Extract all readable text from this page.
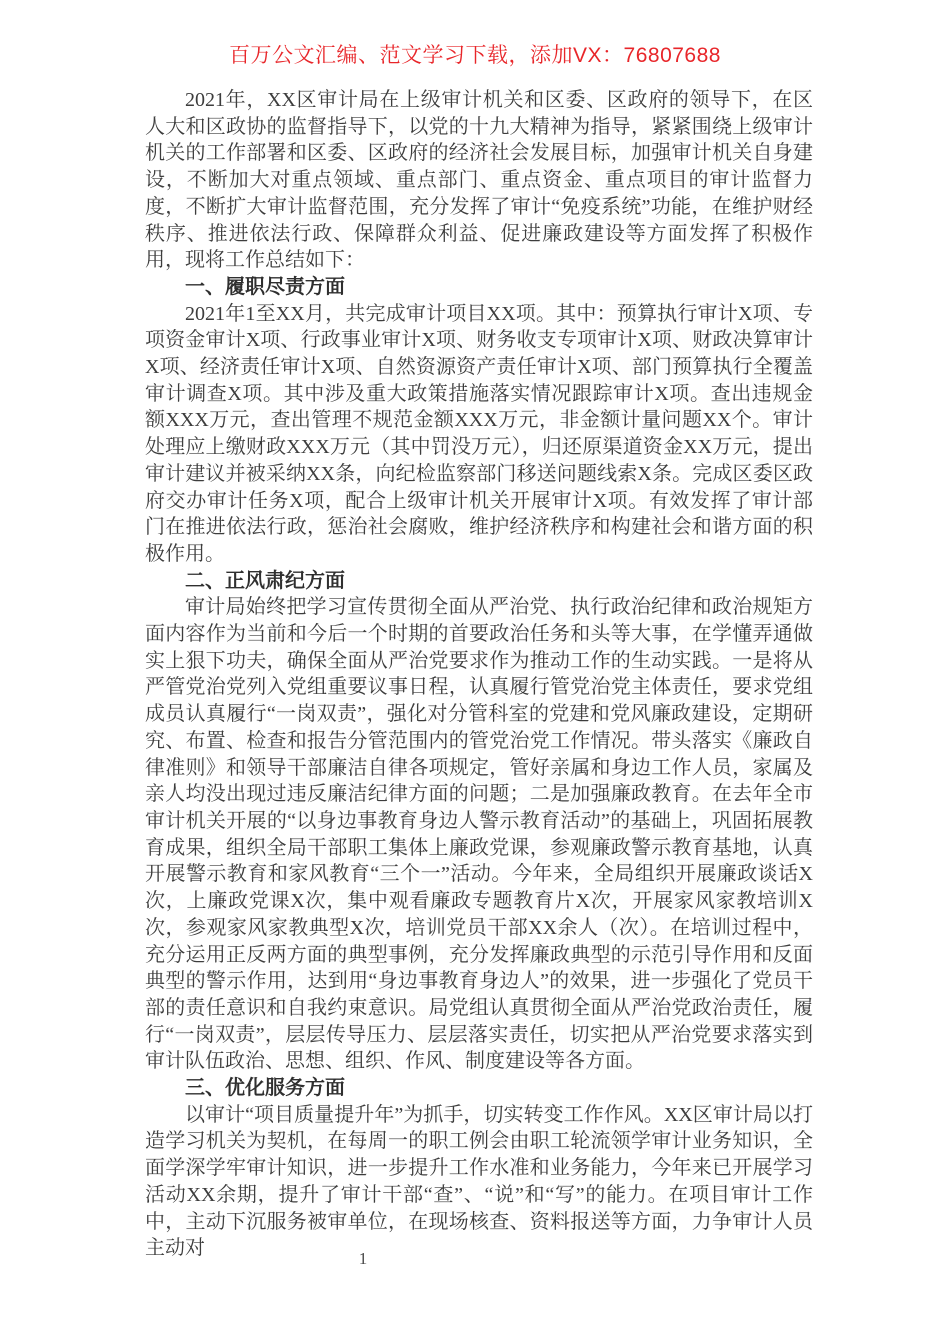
百万公文汇编、范文学习下载，添加VX：76807688

2021年，XX区审计局在上级审计机关和区委、区政府的领导下，在区人大和区政协的监督指导下，以党的十九大精神为指导，紧紧围绕上级审计机关的工作部署和区委、区政府的经济社会发展目标，加强审计机关自身建设，不断加大对重点领域、重点部门、重点资金、重点项目的审计监督力度，不断扩大审计监督范围，充分发挥了审计“免疫系统”功能，在维护财经秩序、推进依法行政、保障群众利益、促进廉政建设等方面发挥了积极作用，现将工作总结如下：

一、履职尽责方面

2021年1至XX月，共完成审计项目XX项。其中：预算执行审计X项、专项资金审计X项、行政事业审计X项、财务收支专项审计X项、财政决算审计X项、经济责任审计X项、自然资源资产责任审计X项、部门预算执行全覆盖审计调查X项。其中涉及重大政策措施落实情况跟踪审计X项。查出违规金额XXX万元，查出管理不规范金额XXX万元，非金额计量问题XX个。审计处理应上缴财政XXX万元（其中罚没万元），归还原渠道资金XX万元，提出审计建议并被采纳XX条，向纪检监察部门移送问题线索X条。完成区委区政府交办审计任务X项，配合上级审计机关开展审计X项。有效发挥了审计部门在推进依法行政，惩治社会腐败，维护经济秩序和构建社会和谐方面的积极作用。

二、正风肃纪方面

审计局始终把学习宣传贯彻全面从严治党、执行政治纪律和政治规矩方面内容作为当前和今后一个时期的首要政治任务和头等大事，在学懂弄通做实上狠下功夫，确保全面从严治党要求作为推动工作的生动实践。一是将从严管党治党列入党组重要议事日程，认真履行管党治党主体责任，要求党组成员认真履行“一岗双责”，强化对分管科室的党建和党风廉政建设，定期研究、布置、检查和报告分管范围内的管党治党工作情况。带头落实《廉政自律准则》和领导干部廉洁自律各项规定，管好亲属和身边工作人员，家属及亲人均没出现过违反廉洁纪律方面的问题；二是加强廉政教育。在去年全市审计机关开展的“以身边事教育身边人警示教育活动”的基础上，巩固拓展教育成果，组织全局干部职工集体上廉政党课，参观廉政警示教育基地，认真开展警示教育和家风教育“三个一”活动。今年来，全局组织开展廉政谈话X次，上廉政党课X次，集中观看廉政专题教育片X次，开展家风家教培训X次，参观家风家教典型X次，培训党员干部XX余人（次）。在培训过程中，充分运用正反两方面的典型事例，充分发挥廉政典型的示范引导作用和反面典型的警示作用，达到用“身边事教育身边人”的效果，进一步强化了党员干部的责任意识和自我约束意识。局党组认真贯彻全面从严治党政治责任，履行“一岗双责”，层层传导压力、层层落实责任，切实把从严治党要求落实到审计队伍政治、思想、组织、作风、制度建设等各方面。

三、优化服务方面

以审计“项目质量提升年”为抓手，切实转变工作作风。XX区审计局以打造学习机关为契机，在每周一的职工例会由职工轮流领学审计业务知识，全面学深学牢审计知识，进一步提升工作水准和业务能力，今年来已开展学习活动XX余期，提升了审计干部“查”、“说”和“写”的能力。在项目审计工作中，主动下沉服务被审单位，在现场核查、资料报送等方面，力争审计人员主动对	1
